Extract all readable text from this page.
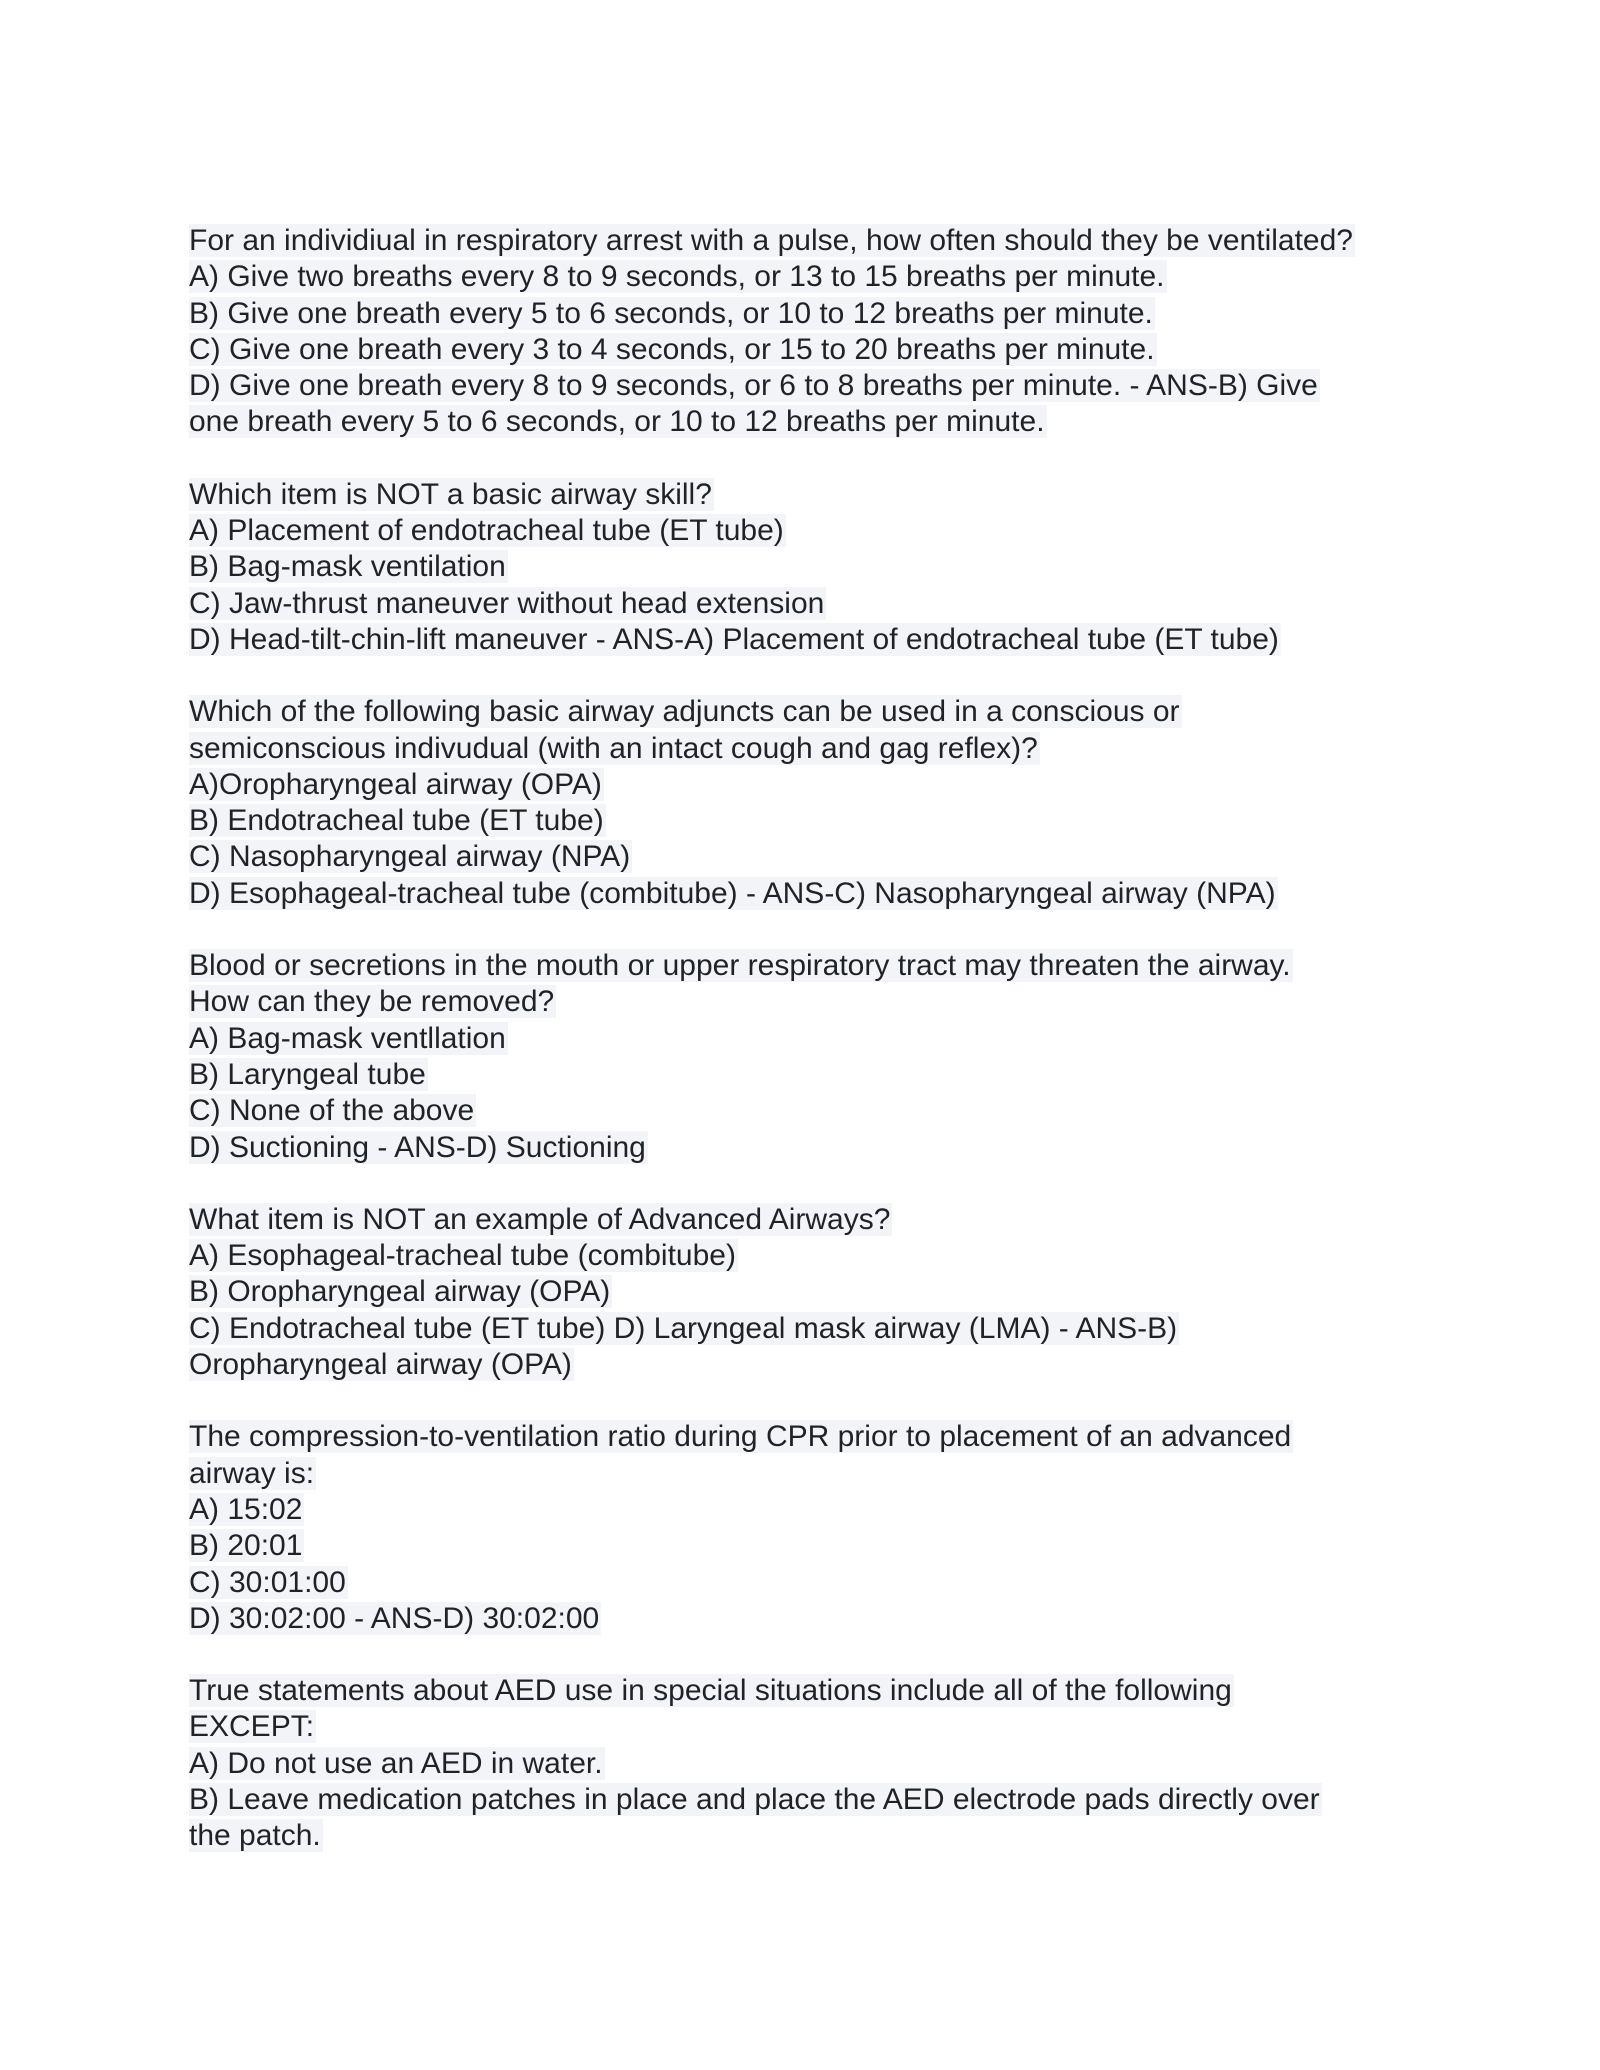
For an individiual in respiratory arrest with a pulse, how often should they be ventilated?
A) Give two breaths every 8 to 9 seconds, or 13 to 15 breaths per minute.
B) Give one breath every 5 to 6 seconds, or 10 to 12 breaths per minute.
C) Give one breath every 3 to 4 seconds, or 15 to 20 breaths per minute.
D) Give one breath every 8 to 9 seconds, or 6 to 8 breaths per minute. - ANS-B) Give
one breath every 5 to 6 seconds, or 10 to 12 breaths per minute.
Which item is NOT a basic airway skill?
A) Placement of endotracheal tube (ET tube)
B) Bag-mask ventilation
C) Jaw-thrust maneuver without head extension
D) Head-tilt-chin-lift maneuver - ANS-A) Placement of endotracheal tube (ET tube)
Which of the following basic airway adjuncts can be used in a conscious or
semiconscious indivudual (with an intact cough and gag reflex)?
A)Oropharyngeal airway (OPA)
B) Endotracheal tube (ET tube)
C) Nasopharyngeal airway (NPA)
D) Esophageal-tracheal tube (combitube) - ANS-C) Nasopharyngeal airway (NPA)
Blood or secretions in the mouth or upper respiratory tract may threaten the airway.
How can they be removed?
A) Bag-mask ventllation
B) Laryngeal tube
C) None of the above
D) Suctioning - ANS-D) Suctioning
What item is NOT an example of Advanced Airways?
A) Esophageal-tracheal tube (combitube)
B) Oropharyngeal airway (OPA)
C) Endotracheal tube (ET tube) D) Laryngeal mask airway (LMA) - ANS-B)
Oropharyngeal airway (OPA)
The compression-to-ventilation ratio during CPR prior to placement of an advanced
airway is:
A) 15:02
B) 20:01
C) 30:01:00
D) 30:02:00 - ANS-D) 30:02:00
True statements about AED use in special situations include all of the following
EXCEPT:
A) Do not use an AED in water.
B) Leave medication patches in place and place the AED electrode pads directly over
the patch.
